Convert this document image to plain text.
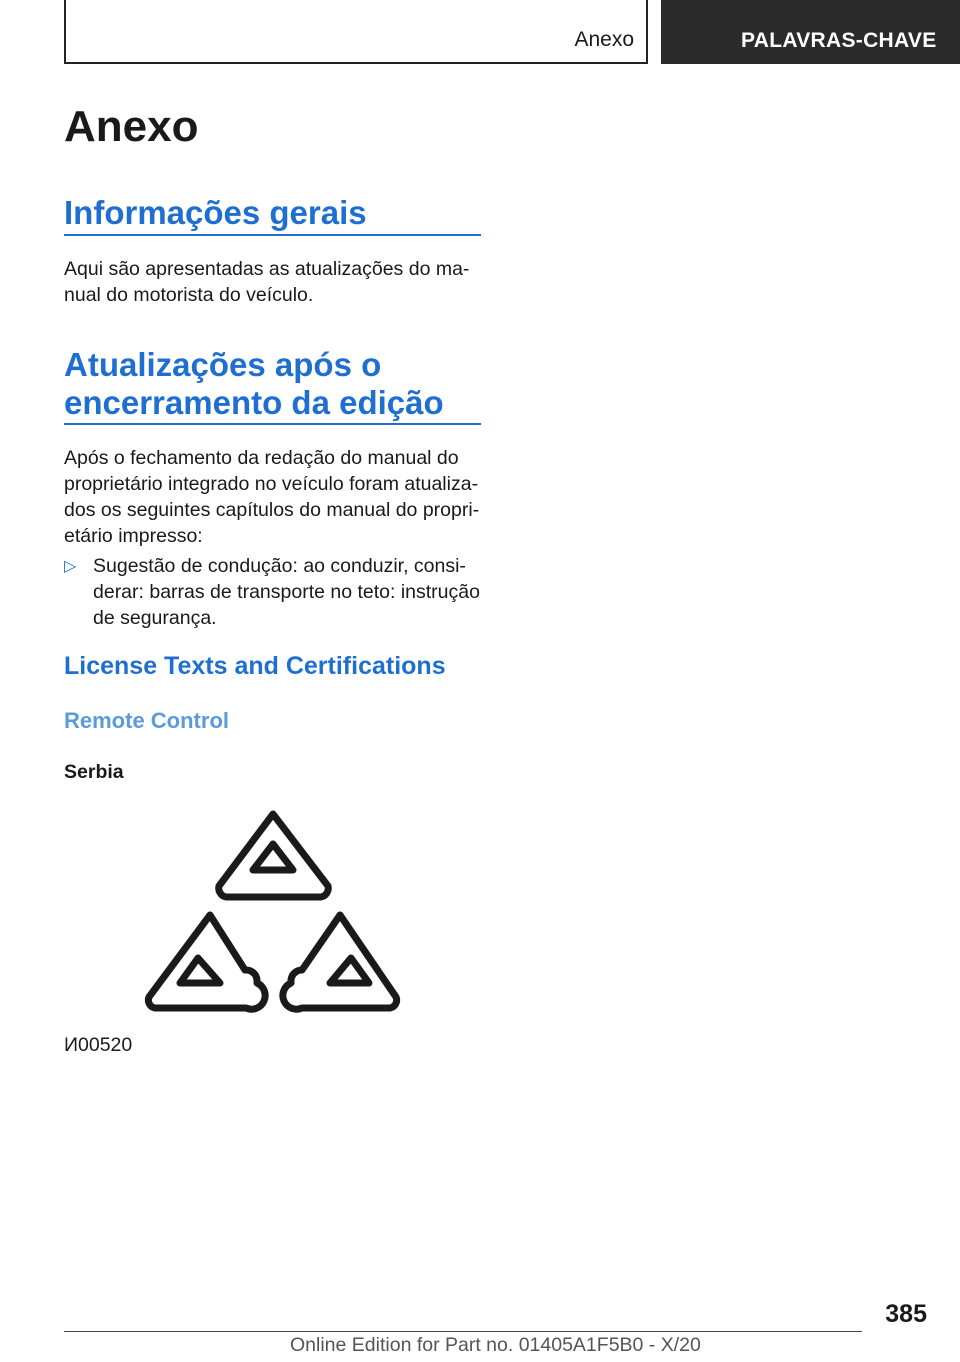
Anexo	PALAVRAS-CHAVE
Anexo
Informações gerais

Aqui são apresentadas as atualizações do ma‐
nual do motorista do veículo.

Atualizações após o
encerramento da edição

Após o fechamento da redação do manual do
proprietário integrado no veículo foram atualiza‐
dos os seguintes capítulos do manual do propri‐
etário impresso:

▷ Sugestão de condução: ao conduzir, consi‐
derar: barras de transporte no teto: instrução
de segurança.

License Texts and Certifications
Remote Control
Serbia
И00520
385
Online Edition for Part no. 01405A1F5B0 - X/20
